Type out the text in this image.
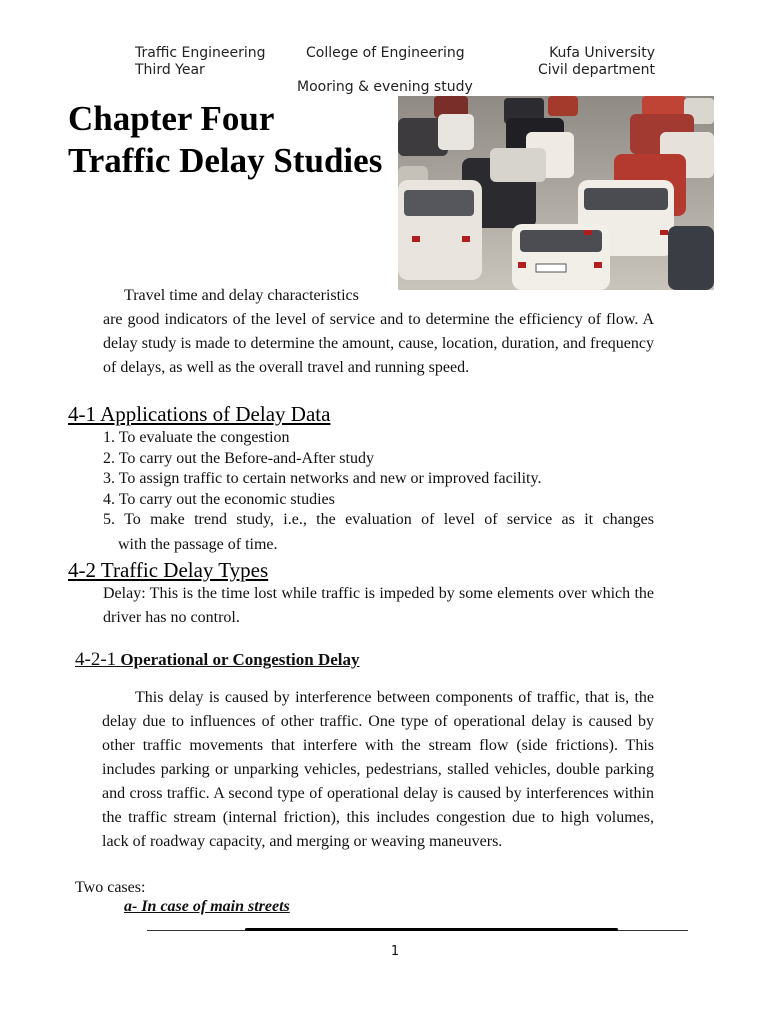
Traffic Engineering
Third Year
College of Engineering
Mooring & evening study
Kufa University
Civil department
Chapter Four
Traffic Delay Studies
Travel time and delay characteristics
are good indicators of the level of service and to determine the efficiency of flow. A delay study is made to determine the amount, cause, location, duration, and frequency of delays, as well as the overall travel and running speed.
4-1 Applications of Delay Data
1. To evaluate the congestion
2. To carry out the Before-and-After study
3. To assign traffic to certain networks and new or improved facility.
4. To carry out the economic studies
5. To make trend study, i.e., the evaluation of level of service as it changes
with the passage of time.
4-2 Traffic Delay Types
Delay: This is the time lost while traffic is impeded by some elements over which the driver has no control.
4-2-1 Operational or Congestion Delay
This delay is caused by interference between components of traffic, that is, the delay due to influences of other traffic. One type of operational delay is caused by other traffic movements that interfere with the stream flow (side frictions). This includes parking or unparking vehicles, pedestrians, stalled vehicles, double parking and cross traffic. A second type of operational delay is caused by interferences within the traffic stream (internal friction), this includes congestion due to high volumes, lack of roadway capacity, and merging or weaving maneuvers.
Two cases:
a- In case of main streets
1
